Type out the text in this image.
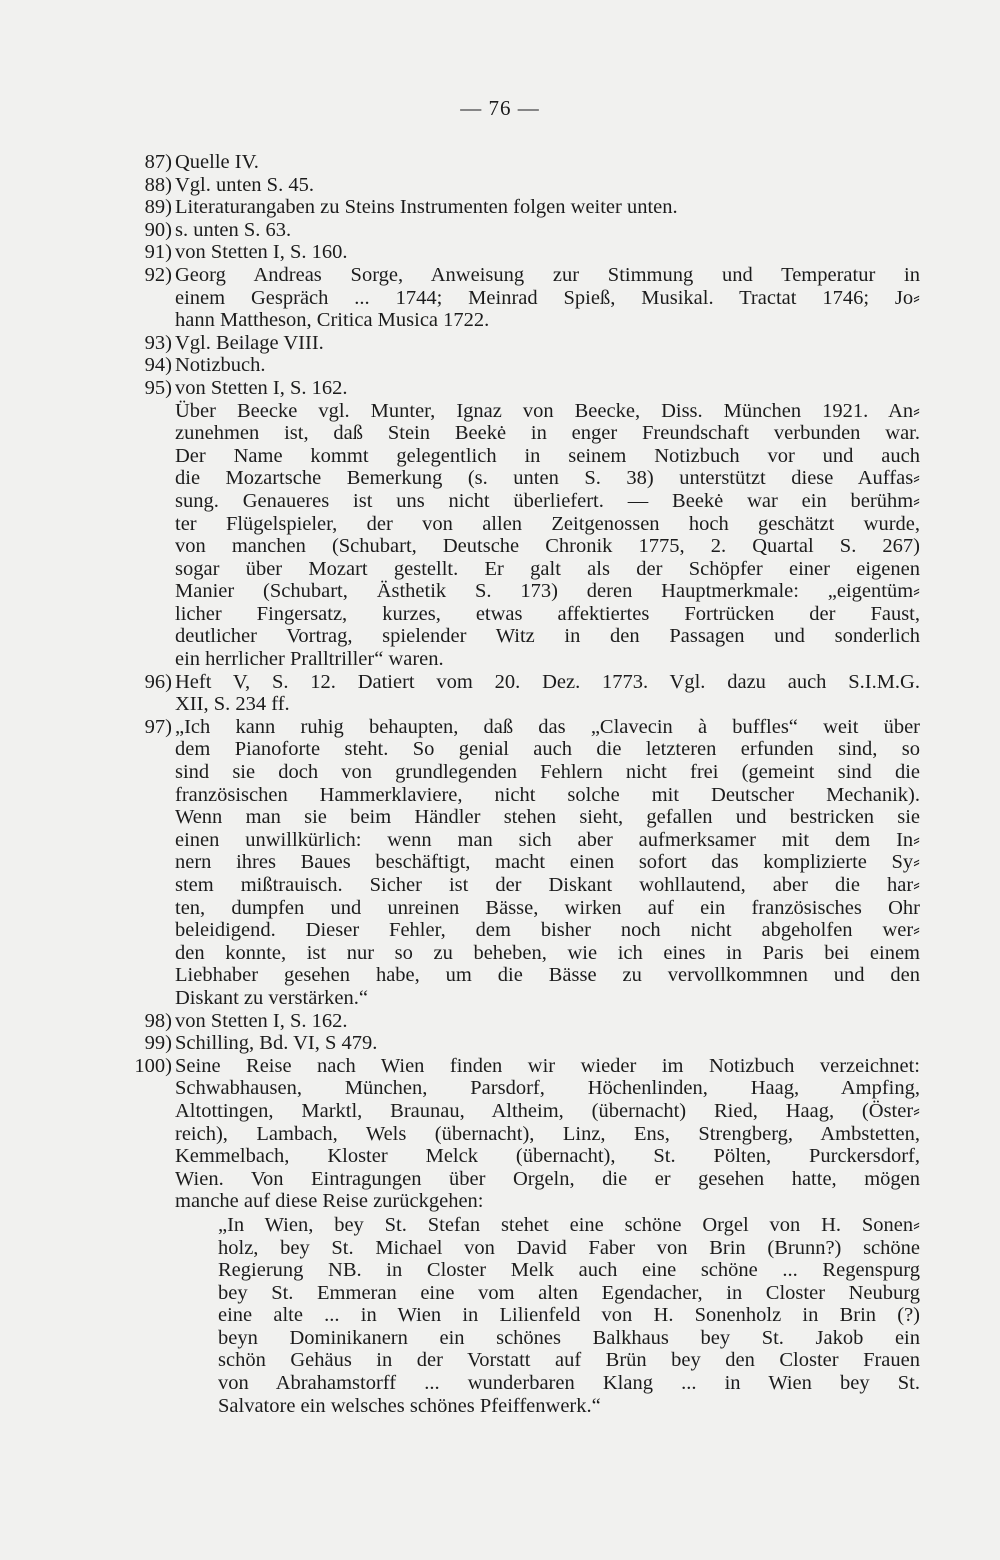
— 76 —
87) Quelle IV.
88) Vgl. unten S. 45.
89) Literaturangaben zu Steins Instrumenten folgen weiter unten.
90) s. unten S. 63.
91) von Stetten I, S. 160.
92) Georg Andreas Sorge, Anweisung zur Stimmung und Temperatur in
einem Gespräch ... 1744; Meinrad Spieß, Musikal. Tractat 1746; Jo⸗
hann Mattheson, Critica Musica 1722.
93) Vgl. Beilage VIII.
94) Notizbuch.
95) von Stetten I, S. 162.
Über Beecke vgl. Munter, Ignaz von Beecke, Diss. München 1921. An⸗
zunehmen ist, daß Stein Beekė in enger Freundschaft verbunden war.
Der Name kommt gelegentlich in seinem Notizbuch vor und auch
die Mozartsche Bemerkung (s. unten S. 38) unterstützt diese Auffas⸗
sung. Genaueres ist uns nicht überliefert. — Beekė war ein berühm⸗
ter Flügelspieler, der von allen Zeitgenossen hoch geschätzt wurde,
von manchen (Schubart, Deutsche Chronik 1775, 2. Quartal S. 267)
sogar über Mozart gestellt. Er galt als der Schöpfer einer eigenen
Manier (Schubart, Ästhetik S. 173) deren Hauptmerkmale: „eigentüm⸗
licher Fingersatz, kurzes, etwas affektiertes Fortrücken der Faust,
deutlicher Vortrag, spielender Witz in den Passagen und sonderlich
ein herrlicher Pralltriller“ waren.
96) Heft V, S. 12. Datiert vom 20. Dez. 1773. Vgl. dazu auch S.I.M.G.
XII, S. 234 ff.
97) „Ich kann ruhig behaupten, daß das „Clavecin à buffles“ weit über
dem Pianoforte steht. So genial auch die letzteren erfunden sind, so
sind sie doch von grundlegenden Fehlern nicht frei (gemeint sind die
französischen Hammerklaviere, nicht solche mit Deutscher Mechanik).
Wenn man sie beim Händler stehen sieht, gefallen und bestricken sie
einen unwillkürlich: wenn man sich aber aufmerksamer mit dem In⸗
nern ihres Baues beschäftigt, macht einen sofort das komplizierte Sy⸗
stem mißtrauisch. Sicher ist der Diskant wohllautend, aber die har⸗
ten, dumpfen und unreinen Bässe, wirken auf ein französisches Ohr
beleidigend. Dieser Fehler, dem bisher noch nicht abgeholfen wer⸗
den konnte, ist nur so zu beheben, wie ich eines in Paris bei einem
Liebhaber gesehen habe, um die Bässe zu vervollkommnen und den
Diskant zu verstärken.“
98) von Stetten I, S. 162.
99) Schilling, Bd. VI, S 479.
100) Seine Reise nach Wien finden wir wieder im Notizbuch verzeichnet:
Schwabhausen, München, Parsdorf, Höchenlinden, Haag, Ampfing,
Altottingen, Marktl, Braunau, Altheim, (übernacht) Ried, Haag, (Öster⸗
reich), Lambach, Wels (übernacht), Linz, Ens, Strengberg, Ambstetten,
Kemmelbach, Kloster Melck (übernacht), St. Pölten, Purckersdorf,
Wien. Von Eintragungen über Orgeln, die er gesehen hatte, mögen
manche auf diese Reise zurückgehen:
„In Wien, bey St. Stefan stehet eine schöne Orgel von H. Sonen⸗
holz, bey St. Michael von David Faber von Brin (Brunn?) schöne
Regierung NB. in Closter Melk auch eine schöne ... Regenspurg
bey St. Emmeran eine vom alten Egendacher, in Closter Neuburg
eine alte ... in Wien in Lilienfeld von H. Sonenholz in Brin (?)
beyn Dominikanern ein schönes Balkhaus bey St. Jakob ein
schön Gehäus in der Vorstatt auf Brün bey den Closter Frauen
von Abrahamstorff ... wunderbaren Klang ... in Wien bey St.
Salvatore ein welsches schönes Pfeiffenwerk.“
